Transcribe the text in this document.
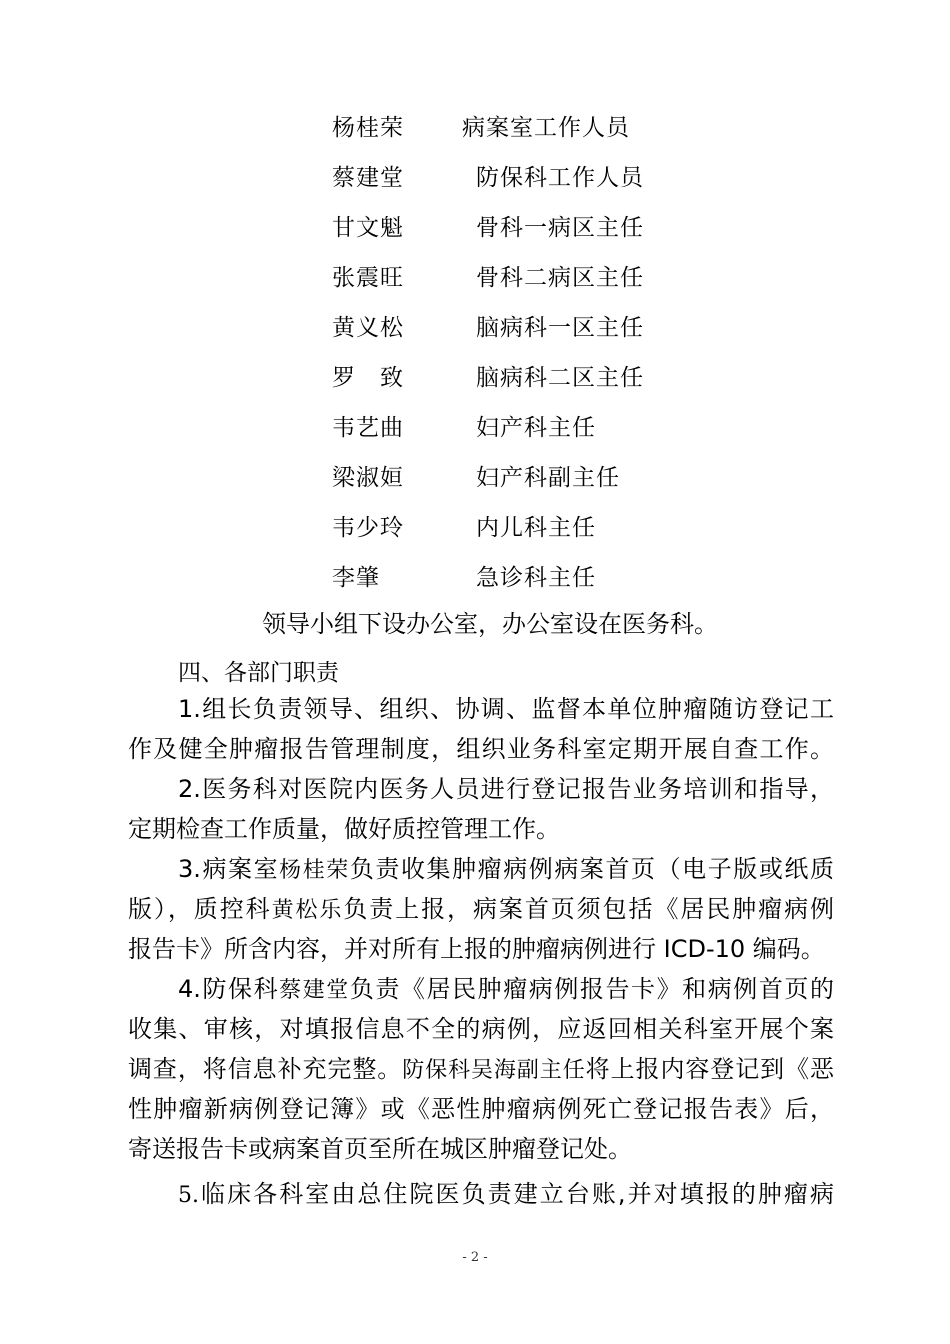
杨桂荣	病案室工作人员
蔡建堂	防保科工作人员
甘文魁	骨科一病区主任
张震旺	骨科二病区主任
黄义松	脑病科一区主任
罗　致	脑病科二区主任
韦艺曲	妇产科主任
梁淑姮	妇产科副主任
韦少玲	内儿科主任
李肇	急诊科主任
领导小组下设办公室，办公室设在医务科。
四、各部门职责
1.组长负责领导、组织、协调、监督本单位肿瘤随访登记工
作及健全肿瘤报告管理制度，组织业务科室定期开展自查工作。
2.医务科对医院内医务人员进行登记报告业务培训和指导，
定期检查工作质量，做好质控管理工作。
3.病案室杨桂荣负责收集肿瘤病例病案首页（电子版或纸质
版），质控科黄松乐负责上报，病案首页须包括《居民肿瘤病例
报告卡》所含内容，并对所有上报的肿瘤病例进行 ICD-10 编码。
4.防保科蔡建堂负责《居民肿瘤病例报告卡》和病例首页的
收集、审核，对填报信息不全的病例，应返回相关科室开展个案
调查，将信息补充完整。防保科吴海副主任将上报内容登记到《恶
性肿瘤新病例登记簿》或《恶性肿瘤病例死亡登记报告表》后，
寄送报告卡或病案首页至所在城区肿瘤登记处。
5.临床各科室由总住院医负责建立台账,并对填报的肿瘤病
- 2 -
